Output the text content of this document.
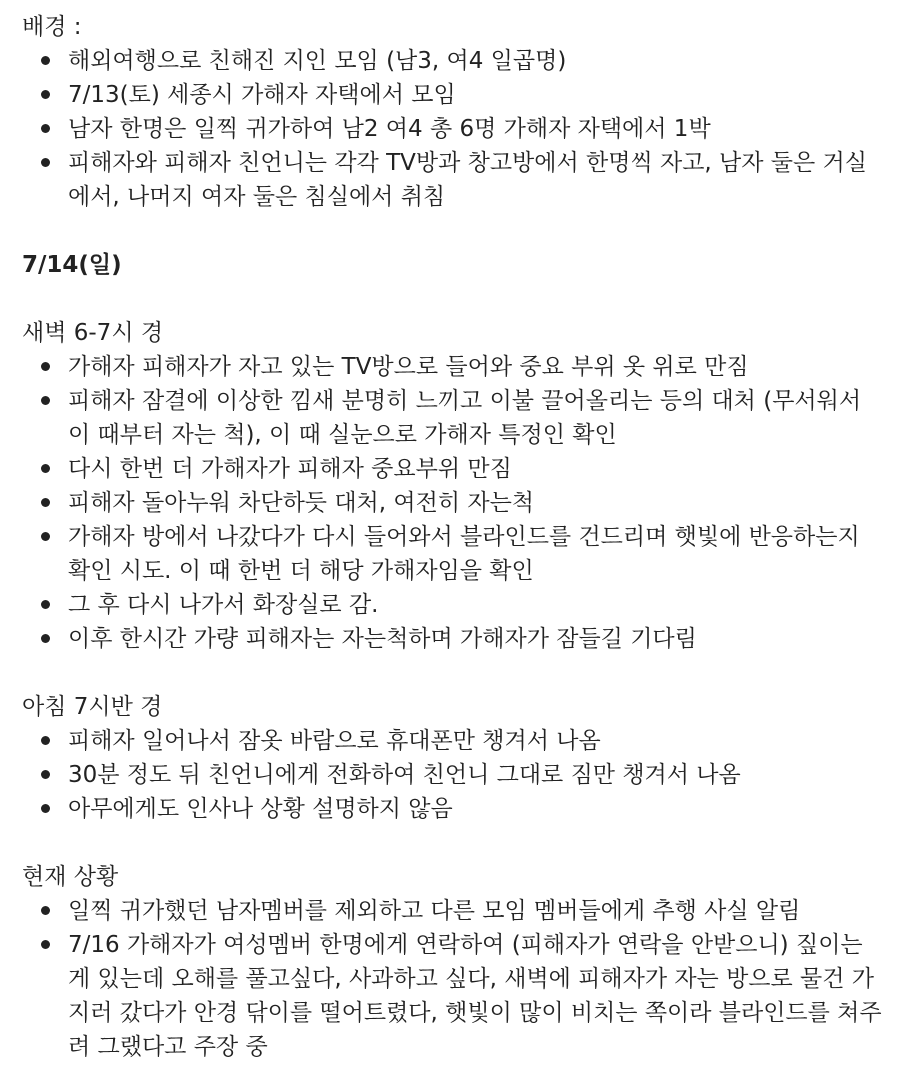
배경 :

해외여행으로 친해진 지인 모임 (남3, 여4 일곱명)
7/13(토) 세종시 가해자 자택에서 모임
남자 한명은 일찍 귀가하여 남2 여4 총 6명 가해자 자택에서 1박
피해자와 피해자 친언니는 각각 TV방과 창고방에서 한명씩 자고, 남자 둘은 거실에서, 나머지 여자 둘은 침실에서 취침

7/14(일)

새벽 6-7시 경

가해자 피해자가 자고 있는 TV방으로 들어와 중요 부위 옷 위로 만짐
피해자 잠결에 이상한 낌새 분명히 느끼고 이불 끌어올리는 등의 대처 (무서워서 이 때부터 자는 척), 이 때 실눈으로 가해자 특정인 확인
다시 한번 더 가해자가 피해자 중요부위 만짐
피해자 돌아누워 차단하듯 대처, 여전히 자는척
가해자 방에서 나갔다가 다시 들어와서 블라인드를 건드리며 햇빛에 반응하는지 확인 시도. 이 때 한번 더 해당 가해자임을 확인
그 후 다시 나가서 화장실로 감.
이후 한시간 가량 피해자는 자는척하며 가해자가 잠들길 기다림

아침 7시반 경

피해자 일어나서 잠옷 바람으로 휴대폰만 챙겨서 나옴
30분 정도 뒤 친언니에게 전화하여 친언니 그대로 짐만 챙겨서 나옴
아무에게도 인사나 상황 설명하지 않음

현재 상황

일찍 귀가했던 남자멤버를 제외하고 다른 모임 멤버들에게 추행 사실 알림
7/16 가해자가 여성멤버 한명에게 연락하여 (피해자가 연락을 안받으니) 짚이는 게 있는데 오해를 풀고싶다, 사과하고 싶다, 새벽에 피해자가 자는 방으로 물건 가지러 갔다가 안경 닦이를 떨어트렸다, 햇빛이 많이 비치는 쪽이라 블라인드를 쳐주려 그랬다고 주장 중
